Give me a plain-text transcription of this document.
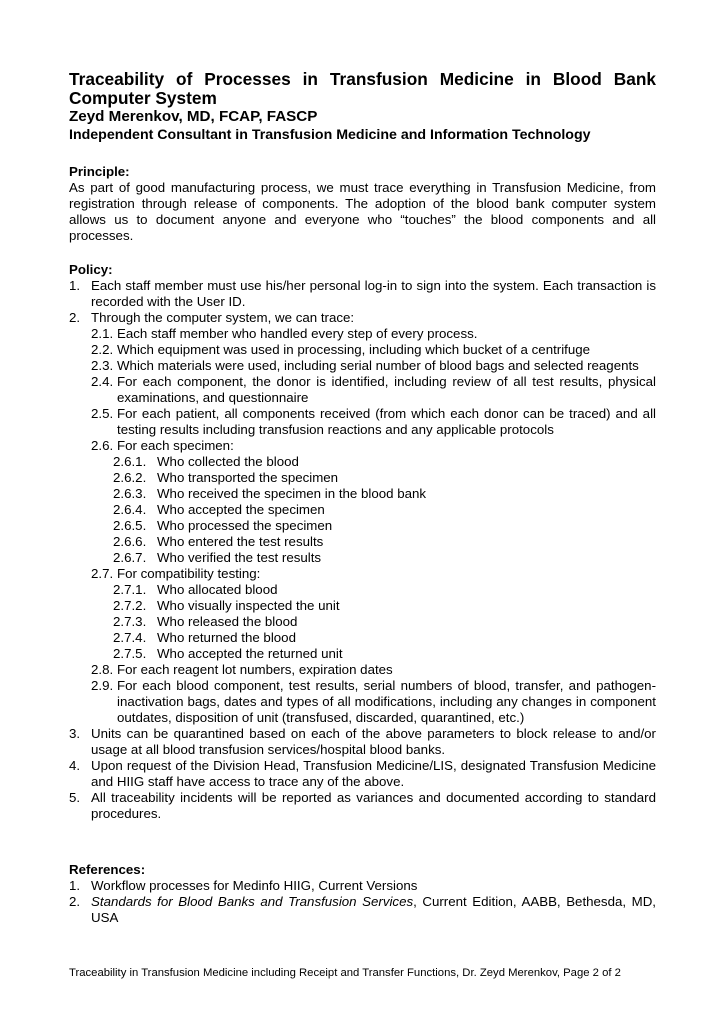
Traceability of Processes in Transfusion Medicine in Blood Bank
Computer System
Zeyd Merenkov, MD, FCAP, FASCP
Independent Consultant in Transfusion Medicine and Information Technology
Principle:

As part of good manufacturing process, we must trace everything in Transfusion Medicine, from registration through release of components. The adoption of the blood bank computer system allows us to document anyone and everyone who “touches” the blood components and all processes.

Policy:
1. Each staff member must use his/her personal log-in to sign into the system. Each transaction is recorded with the User ID.
2. Through the computer system, we can trace:
2.1. Each staff member who handled every step of every process.
2.2. Which equipment was used in processing, including which bucket of a centrifuge
2.3. Which materials were used, including serial number of blood bags and selected reagents
2.4. For each component, the donor is identified, including review of all test results, physical examinations, and questionnaire
2.5. For each patient, all components received (from which each donor can be traced) and all testing results including transfusion reactions and any applicable protocols
2.6. For each specimen:
2.6.1. Who collected the blood
2.6.2. Who transported the specimen
2.6.3. Who received the specimen in the blood bank
2.6.4. Who accepted the specimen
2.6.5. Who processed the specimen
2.6.6. Who entered the test results
2.6.7. Who verified the test results
2.7. For compatibility testing:
2.7.1. Who allocated blood
2.7.2. Who visually inspected the unit
2.7.3. Who released the blood
2.7.4. Who returned the blood
2.7.5. Who accepted the returned unit
2.8. For each reagent lot numbers, expiration dates
2.9. For each blood component, test results, serial numbers of blood, transfer, and pathogen-inactivation bags, dates and types of all modifications, including any changes in component outdates, disposition of unit (transfused, discarded, quarantined, etc.)
3. Units can be quarantined based on each of the above parameters to block release to and/or usage at all blood transfusion services/hospital blood banks.
4. Upon request of the Division Head, Transfusion Medicine/LIS, designated Transfusion Medicine and HIIG staff have access to trace any of the above.
5. All traceability incidents will be reported as variances and documented according to standard procedures.
References:
1. Workflow processes for Medinfo HIIG, Current Versions
2. Standards for Blood Banks and Transfusion Services, Current Edition, AABB, Bethesda, MD, USA
Traceability in Transfusion Medicine including Receipt and Transfer Functions, Dr. Zeyd Merenkov, Page 2 of 2
